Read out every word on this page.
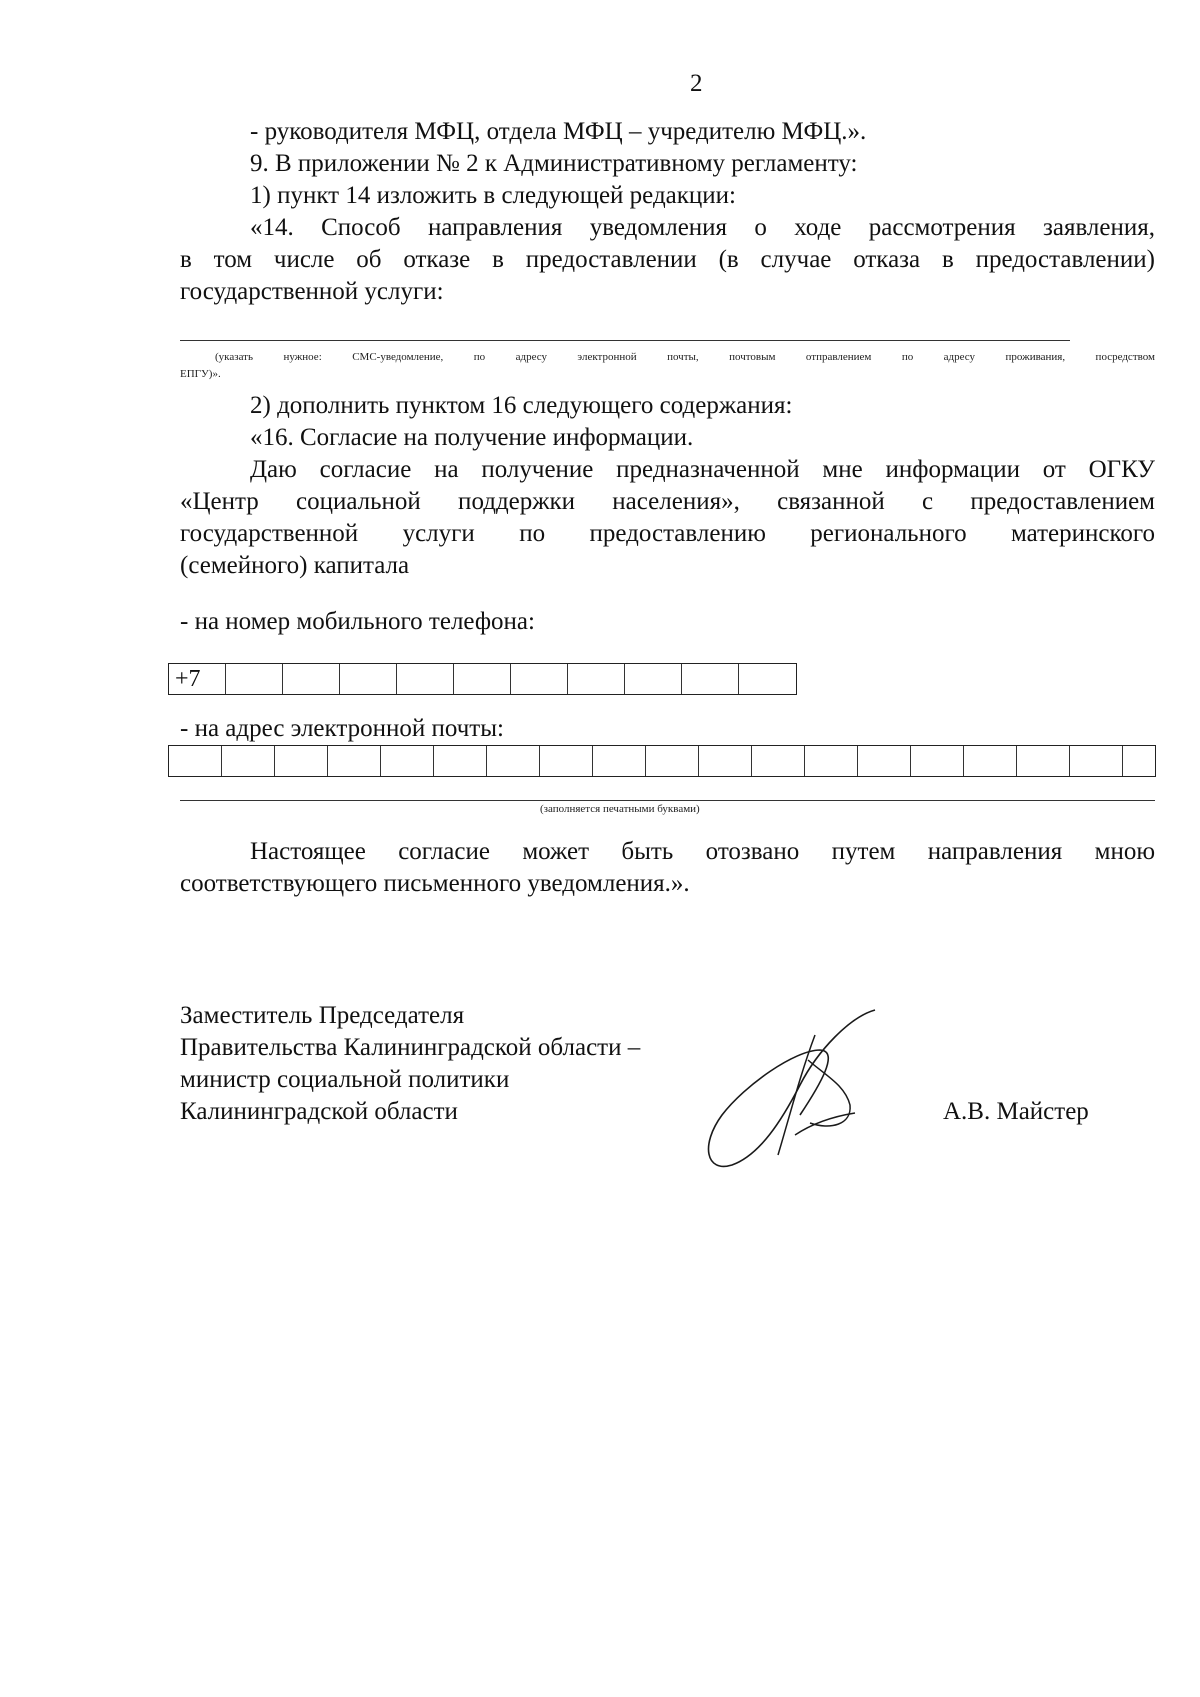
2
- руководителя МФЦ, отдела МФЦ – учредителю МФЦ.».
9. В приложении № 2 к Административному регламенту:
1) пункт 14 изложить в следующей редакции:
«14. Способ направления уведомления о ходе рассмотрения заявления,
в том числе об отказе в предоставлении (в случае отказа в предоставлении)
государственной услуги:
(указать нужное: СМС-уведомление, по адресу электронной почты, почтовым отправлением по адресу проживания, посредством
ЕПГУ)».
2) дополнить пунктом 16 следующего содержания:
«16. Согласие на получение информации.
Даю согласие на получение предназначенной мне информации от ОГКУ
«Центр социальной поддержки населения», связанной с предоставлением
государственной услуги по предоставлению регионального материнского
(семейного) капитала
- на номер мобильного телефона:
+7
- на адрес электронной почты:
(заполняется печатными буквами)
Настоящее согласие может быть отозвано путем направления мною
соответствующего письменного уведомления.».
Заместитель Председателя
Правительства Калининградской области –
министр социальной политики
Калининградской области	А.В. Майстер
